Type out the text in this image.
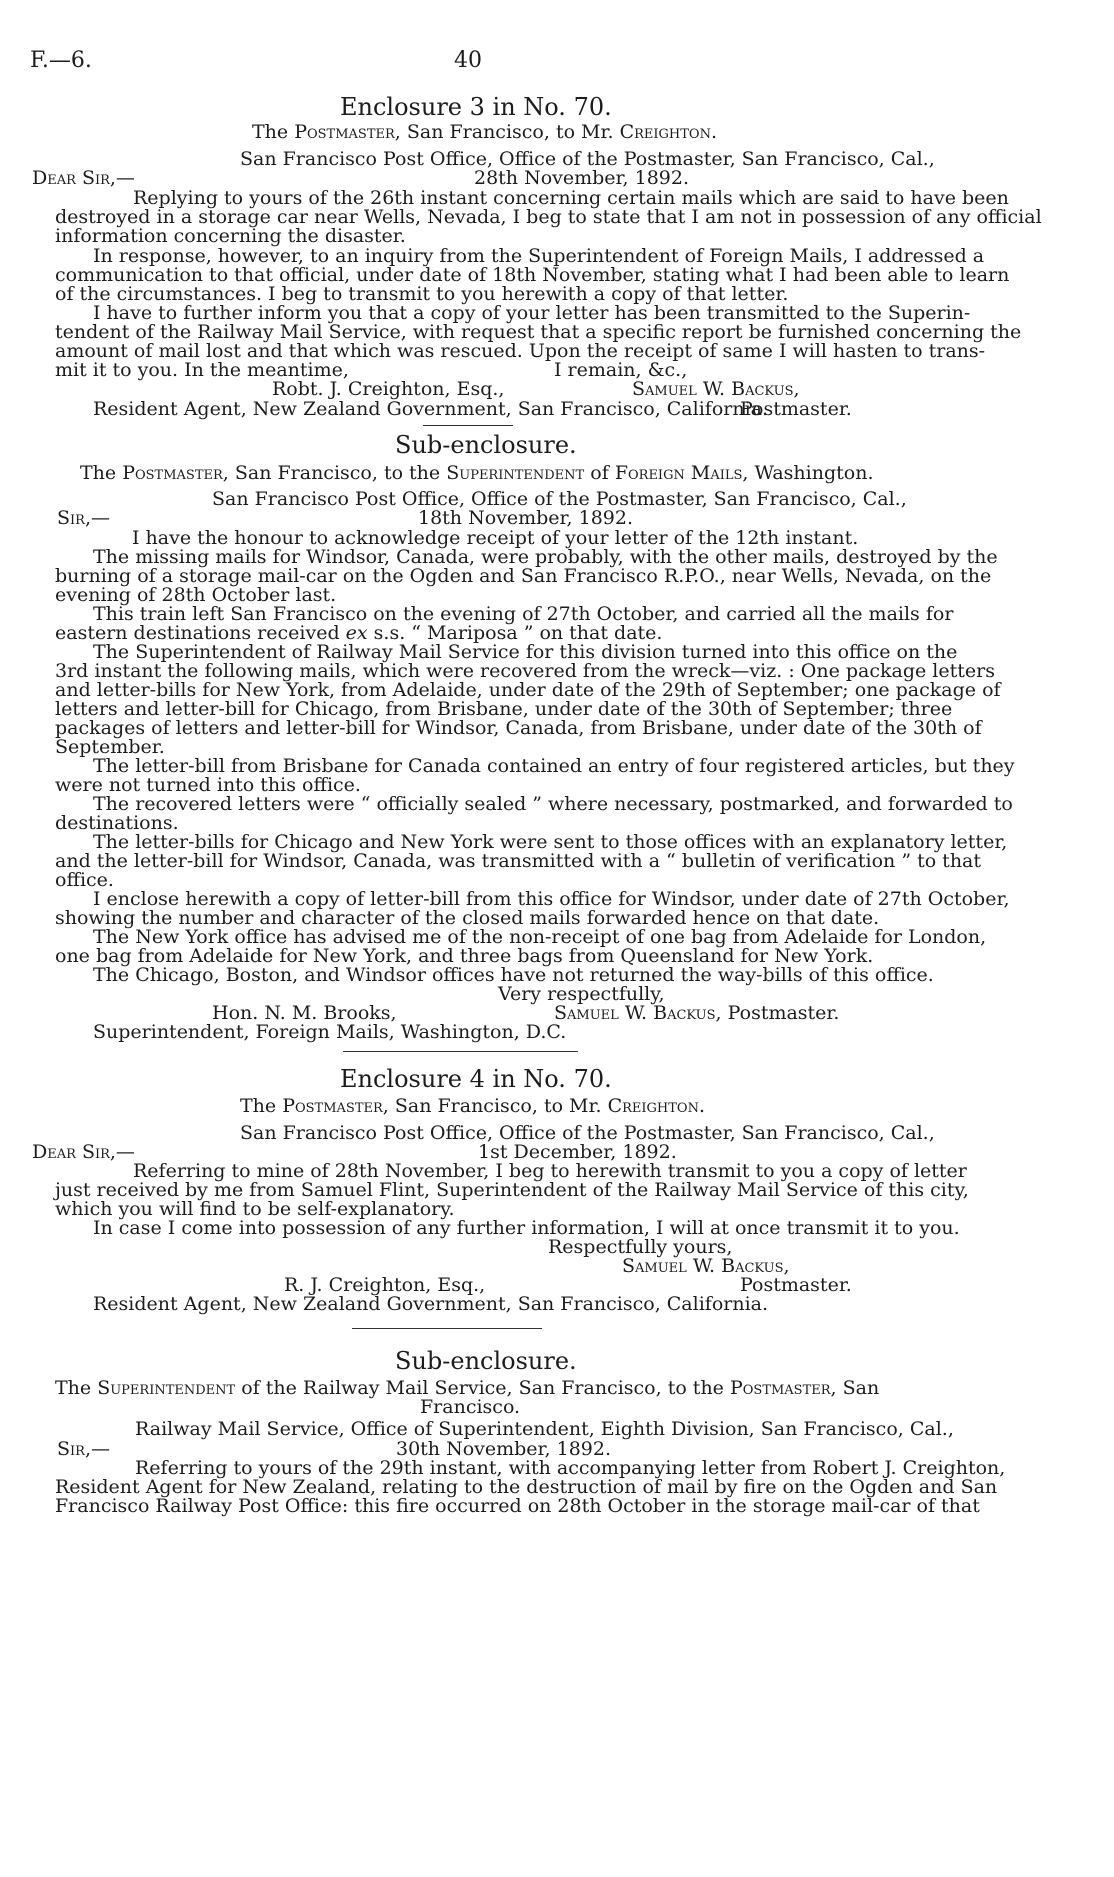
F.—6.	40
Enclosure 3 in No. 70.
The Postmaster, San Francisco, to Mr. Creighton.
San Francisco Post Office, Office of the Postmaster, San Francisco, Cal.,
Dear Sir,—	28th November, 1892.
Replying to yours of the 26th instant concerning certain mails which are said to have been
destroyed in a storage car near Wells, Nevada, I beg to state that I am not in possession of any official
information concerning the disaster.
In response, however, to an inquiry from the Superintendent of Foreign Mails, I addressed a
communication to that official, under date of 18th November, stating what I had been able to learn
of the circumstances. I beg to transmit to you herewith a copy of that letter.
I have to further inform you that a copy of your letter has been transmitted to the Superin-
tendent of the Railway Mail Service, with request that a specific report be furnished concerning the
amount of mail lost and that which was rescued. Upon the receipt of same I will hasten to trans-
mit it to you. In the meantime,	I remain, &c.,
Robt. J. Creighton, Esq.,	Samuel W. Backus,
Resident Agent, New Zealand Government, San Francisco, California.
Postmaster.
Sub-enclosure.
The Postmaster, San Francisco, to the Superintendent of Foreign Mails, Washington.
San Francisco Post Office, Office of the Postmaster, San Francisco, Cal.,
Sir,—	18th November, 1892.
I have the honour to acknowledge receipt of your letter of the 12th instant.
The missing mails for Windsor, Canada, were probably, with the other mails, destroyed by the
burning of a storage mail-car on the Ogden and San Francisco R.P.O., near Wells, Nevada, on the
evening of 28th October last.
This train left San Francisco on the evening of 27th October, and carried all the mails for
eastern destinations received ex s.s. “ Mariposa ” on that date.
The Superintendent of Railway Mail Service for this division turned into this office on the
3rd instant the following mails, which were recovered from the wreck—viz. : One package letters
and letter-bills for New York, from Adelaide, under date of the 29th of September; one package of
letters and letter-bill for Chicago, from Brisbane, under date of the 30th of September; three
packages of letters and letter-bill for Windsor, Canada, from Brisbane, under date of the 30th of
September.
The letter-bill from Brisbane for Canada contained an entry of four registered articles, but they
were not turned into this office.
The recovered letters were “ officially sealed ” where necessary, postmarked, and forwarded to
destinations.
The letter-bills for Chicago and New York were sent to those offices with an explanatory letter,
and the letter-bill for Windsor, Canada, was transmitted with a “ bulletin of verification ” to that
office.
I enclose herewith a copy of letter-bill from this office for Windsor, under date of 27th October,
showing the number and character of the closed mails forwarded hence on that date.
The New York office has advised me of the non-receipt of one bag from Adelaide for London,
one bag from Adelaide for New York, and three bags from Queensland for New York.
The Chicago, Boston, and Windsor offices have not returned the way-bills of this office.
Very respectfully,
Hon. N. M. Brooks,	Samuel W. Backus, Postmaster.
Superintendent, Foreign Mails, Washington, D.C.
Enclosure 4 in No. 70.
The Postmaster, San Francisco, to Mr. Creighton.
San Francisco Post Office, Office of the Postmaster, San Francisco, Cal.,
Dear Sir,—	1st December, 1892.
Referring to mine of 28th November, I beg to herewith transmit to you a copy of letter
just received by me from Samuel Flint, Superintendent of the Railway Mail Service of this city,
which you will find to be self-explanatory.
In case I come into possession of any further information, I will at once transmit it to you.
Respectfully yours,
Samuel W. Backus,
R. J. Creighton, Esq.,	Postmaster.
Resident Agent, New Zealand Government, San Francisco, California.
Sub-enclosure.
The Superintendent of the Railway Mail Service, San Francisco, to the Postmaster, San
Francisco.
Railway Mail Service, Office of Superintendent, Eighth Division, San Francisco, Cal.,
Sir,—	30th November, 1892.
Referring to yours of the 29th instant, with accompanying letter from Robert J. Creighton,
Resident Agent for New Zealand, relating to the destruction of mail by fire on the Ogden and San
Francisco Railway Post Office: this fire occurred on 28th October in the storage mail-car of that
